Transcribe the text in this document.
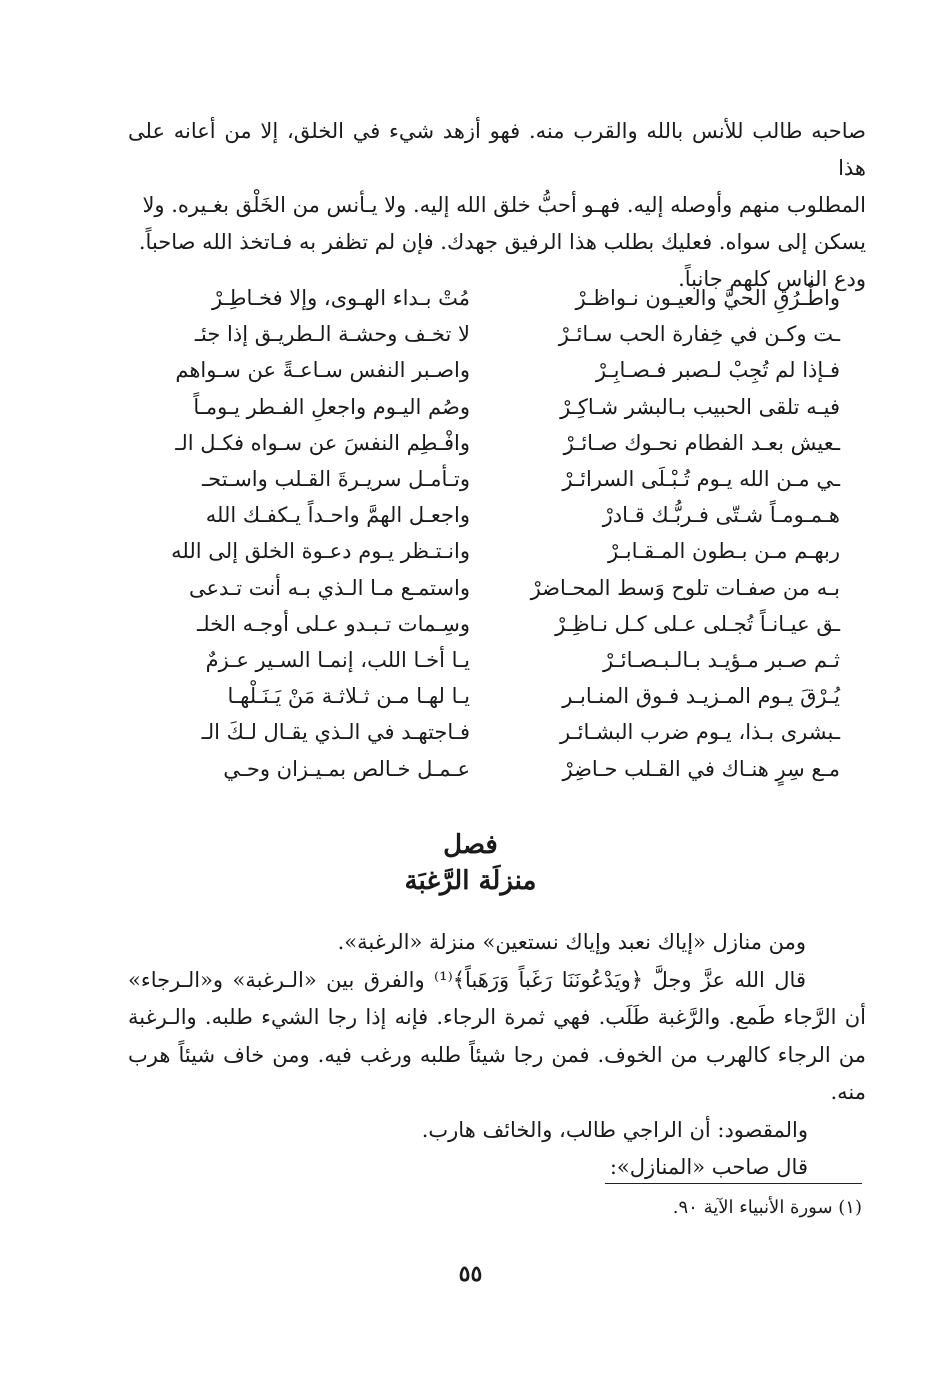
صاحبه طالب للأنس بالله والقرب منه. فهو أزهد شيء في الخلق، إلا من أعانه على هذا

المطلوب منهم وأوصله إليه. فهـو أحبُّ خلق الله إليه. ولا يـأنس من الخَلْق بغـيره. ولا

يسكن إلى سواه. فعليك بطلب هذا الرفيق جهدك. فإن لم تظفر به فـاتخذ الله صاحباً.

ودع الناس كلهم جانباً.

مُتْ بـداء الهـوى، وإلا فخـاطِـرْ	واطْـرُقِ الحيَّ والعيـون نـواظـرْ
لا تخـف وحشـة الـطريـق إذا جئـ	ـت وكـن في خِفارة الحب سـائـرْ
واصـبر النفس سـاعـةً عن سـواهم	فـإذا لم تُجِبْ لـصبر فـصـابِـرْ
وصُم اليـوم واجعلِ الفـطر يـومـاً	فيـه تلقى الحبيب بـالبشر شـاكِـرْ
وافْـطِم النفسَ عن سـواه فكـل الـ	ـعيش بعـد الفطام نحـوك صـائـرْ
وتـأمـل سريـرةَ القـلب واسـتحـ	ـي مـن الله يـوم تُـبْـلَى السرائـرْ
واجعـل الهمَّ واحـداً يـكفـك الله	هـمـومـاً شـتّى فـربُّـك قـادرْ
وانـتـظر يـوم دعـوة الخلق إلى الله	ربهـم مـن بـطون المـقـابـرْ
واستمـع مـا الـذي بـه أنت تـدعى	بـه من صفـات تلوح وَسط المحـاضرْ
وسِـمات تـبـدو عـلى أوجـه الخلـ	ـق عيـانـاً تُجـلى عـلى كـل نـاظِـرْ
يـا أخـا اللب، إنمـا السـير عـزمٌ	ثـم صـبر مـؤيـد بـالـبـصـائـرْ
يـا لهـا مـن ثـلاثـة مَنْ يَـنَـلْهـا	يُـرْقَ يـوم المـزيـد فـوق المنـابـر
فـاجتهـد في الـذي يقـال لـكَ الـ	ـبشرى بـذا، يـوم ضرب البشـائـر
عـمـل خـالص بمـيـزان وحـي	مـع سِرٍ هنـاك في القـلب حـاضِرْ
فصل
منزلَة الرَّغبَة

ومن منازل «إياك نعبد وإياك نستعين» منزلة «الرغبة».

قال الله عزَّ وجلَّ ﴿ويَدْعُونَنَا رَغَباً وَرَهَباً﴾⁽¹⁾ والفرق بين «الـرغبة» و«الـرجاء» أن الرَّجاء طَمع. والرَّغبة طَلَب. فهي ثمرة الرجاء. فإنه إذا رجا الشيء طلبه. والـرغبة من الرجاء كالهرب من الخوف. فمن رجا شيئاً طلبه ورغب فيه. ومن خاف شيئاً هرب منه.

والمقصود: أن الراجي طالب، والخائف هارب.

قال صاحب «المنازل»:

(١) سورة الأنبياء الآية ٩٠.
٥٥
